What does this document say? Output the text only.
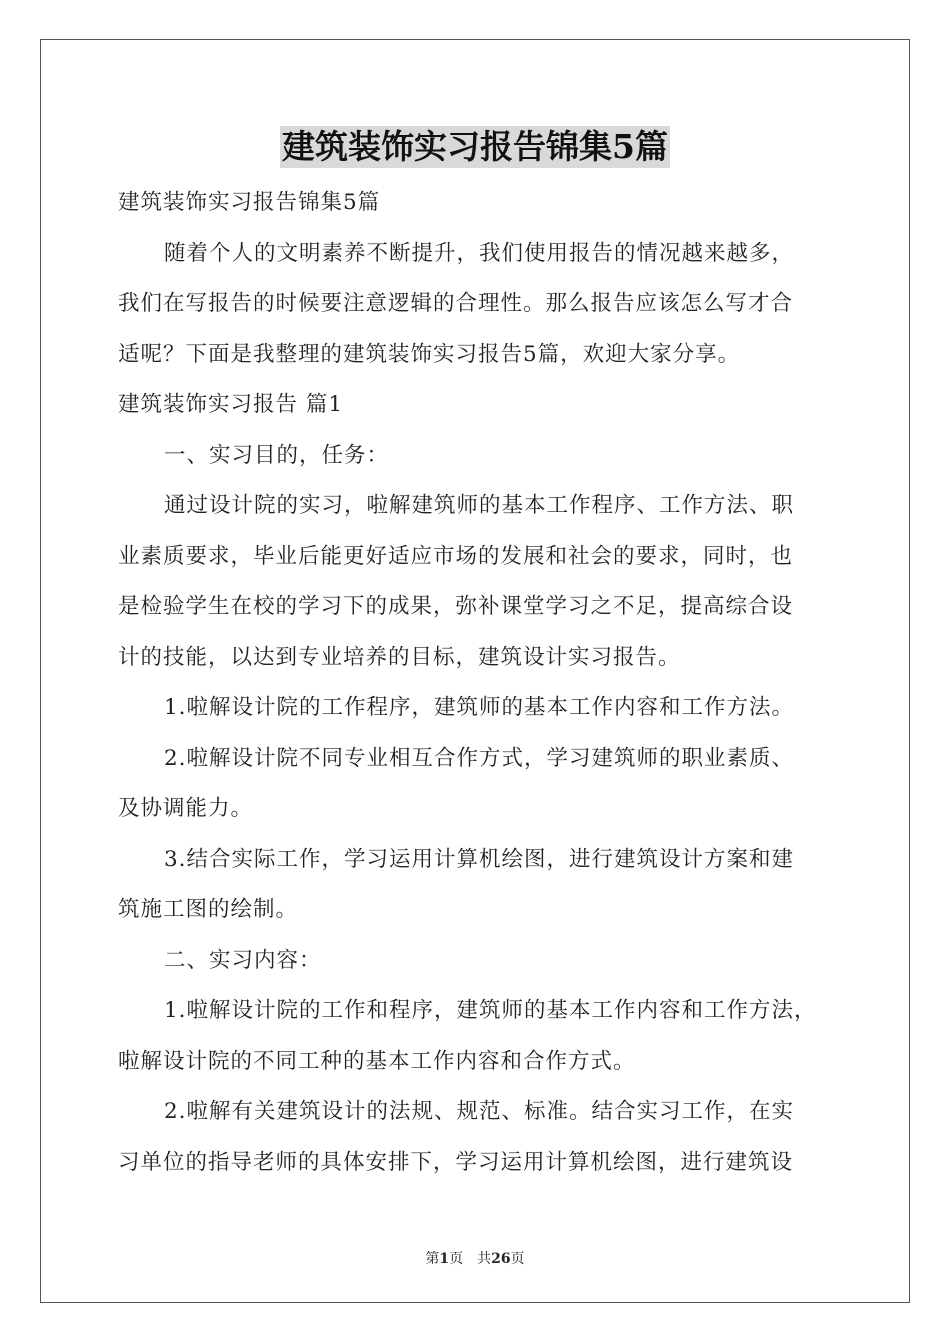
建筑装饰实习报告锦集5篇
建筑装饰实习报告锦集5篇
随着个人的文明素养不断提升，我们使用报告的情况越来越多，
我们在写报告的时候要注意逻辑的合理性。那么报告应该怎么写才合
适呢？下面是我整理的建筑装饰实习报告5篇，欢迎大家分享。
建筑装饰实习报告 篇1
一、实习目的，任务：
通过设计院的实习，啦解建筑师的基本工作程序、工作方法、职
业素质要求，毕业后能更好适应市场的发展和社会的要求，同时，也
是检验学生在校的学习下的成果，弥补课堂学习之不足，提高综合设
计的技能，以达到专业培养的目标，建筑设计实习报告。
1.啦解设计院的工作程序，建筑师的基本工作内容和工作方法。
2.啦解设计院不同专业相互合作方式，学习建筑师的职业素质、
及协调能力。
3.结合实际工作，学习运用计算机绘图，进行建筑设计方案和建
筑施工图的绘制。
二、实习内容：
1.啦解设计院的工作和程序，建筑师的基本工作内容和工作方法，
啦解设计院的不同工种的基本工作内容和合作方式。
2.啦解有关建筑设计的法规、规范、标准。结合实习工作，在实
习单位的指导老师的具体安排下，学习运用计算机绘图，进行建筑设
第1页 共26页
